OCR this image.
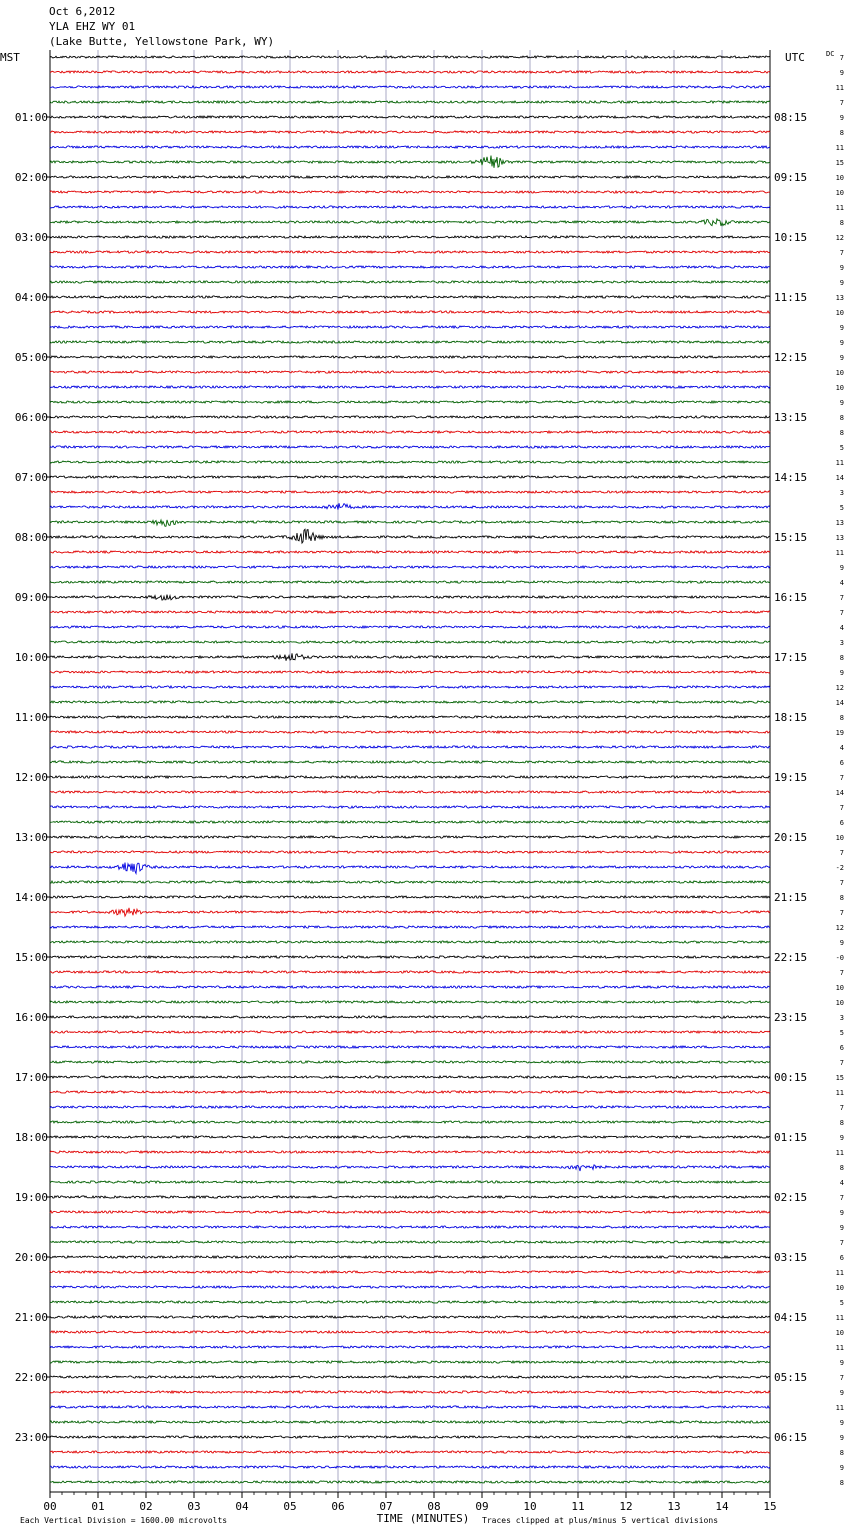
00	01	02	03	04	05	06	07	08	09	10	11	12	13	14	15
TIME (MINUTES)
MST	UTC	DC
01:00
02:00
03:00
04:00
05:00
06:00
07:00
08:00
09:00
10:00
11:00
12:00
13:00
14:00
15:00
16:00
17:00
18:00
19:00
20:00
21:00
22:00
23:00
08:15
09:15
10:15
11:15
12:15
13:15
14:15
15:15
16:15
17:15
18:15
19:15
20:15
21:15
22:15
23:15
00:15
01:15
02:15
03:15
04:15
05:15
06:15
7
9
11
7
9
8
11
15
10
10
11
8
12
7
9
9
13
10
9
9
9
10
10
9
8
8
5
11
14
3
5
13
13
11
9
4
7
7
4
3
8
9
12
14
8
19
4
6
7
14
7
6
10
7
-2
7
8
7
12
9
-0
7
10
10
3
5
6
7
15
11
7
8
9
11
8
4
7
9
9
7
6
11
10
5
11
10
11
9
7
9
11
9
9
8
9
8
Oct 6,2012
YLA EHZ WY 01
(Lake Butte, Yellowstone Park, WY)
Each Vertical Division = 1600.00 microvolts	Traces clipped at plus/minus 5 vertical divisions
